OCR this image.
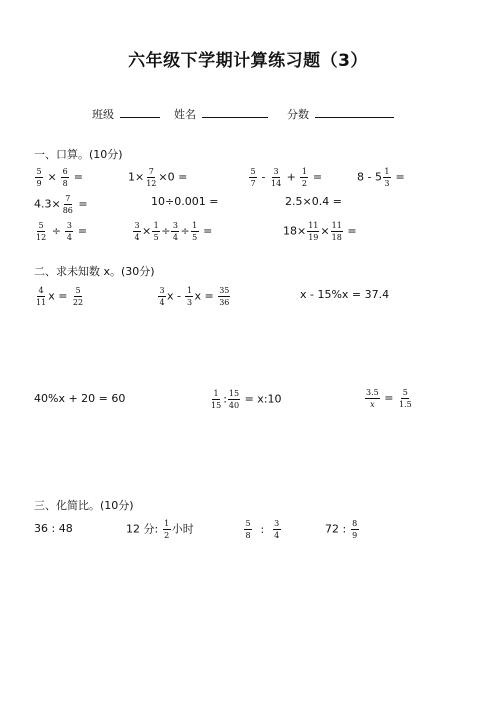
六年级下学期计算练习题（3）
班级	姓名	分数
一、口算。(10分)
$\frac{5}{9} \times \frac{6}{8}$ =	$1\times \frac{7}{12} \times 0$ =	$\frac{5}{7} - \frac{3}{14} + \frac{1}{2}$ =	$8 - 5 \frac{1}{3}$ =
$4.3\times \frac{7}{86}$ =	10÷0.001 =	2.5×0.4 =
$\frac{5}{12} \div \frac{3}{4}$ =	$\frac{3}{4} \times \frac{1}{5} \div \frac{3}{4} \div \frac{1}{5}$ =	$18\times \frac{11}{19} \times \frac{11}{18}$ =
二、求未知数 x。(30分)
$\frac{4}{11}$ $x = \frac{5}{22}$	$\frac{3}{4}$ x - $\frac{1}{3}$ $x = \frac{35}{36}$	x - 15%x = 37.4
40%x + 20 = 60	$\frac{1}{15}$ : $\frac{15}{40}$ = x:10	$\frac{3.5}{x} = \frac{5}{1.5}$
三、化简比。(10分)
36 : 48	12 分: $\frac{1}{2}$ 小时	$\frac{5}{8}$ : $\frac{3}{4}$	72 : $\frac{8}{9}$
